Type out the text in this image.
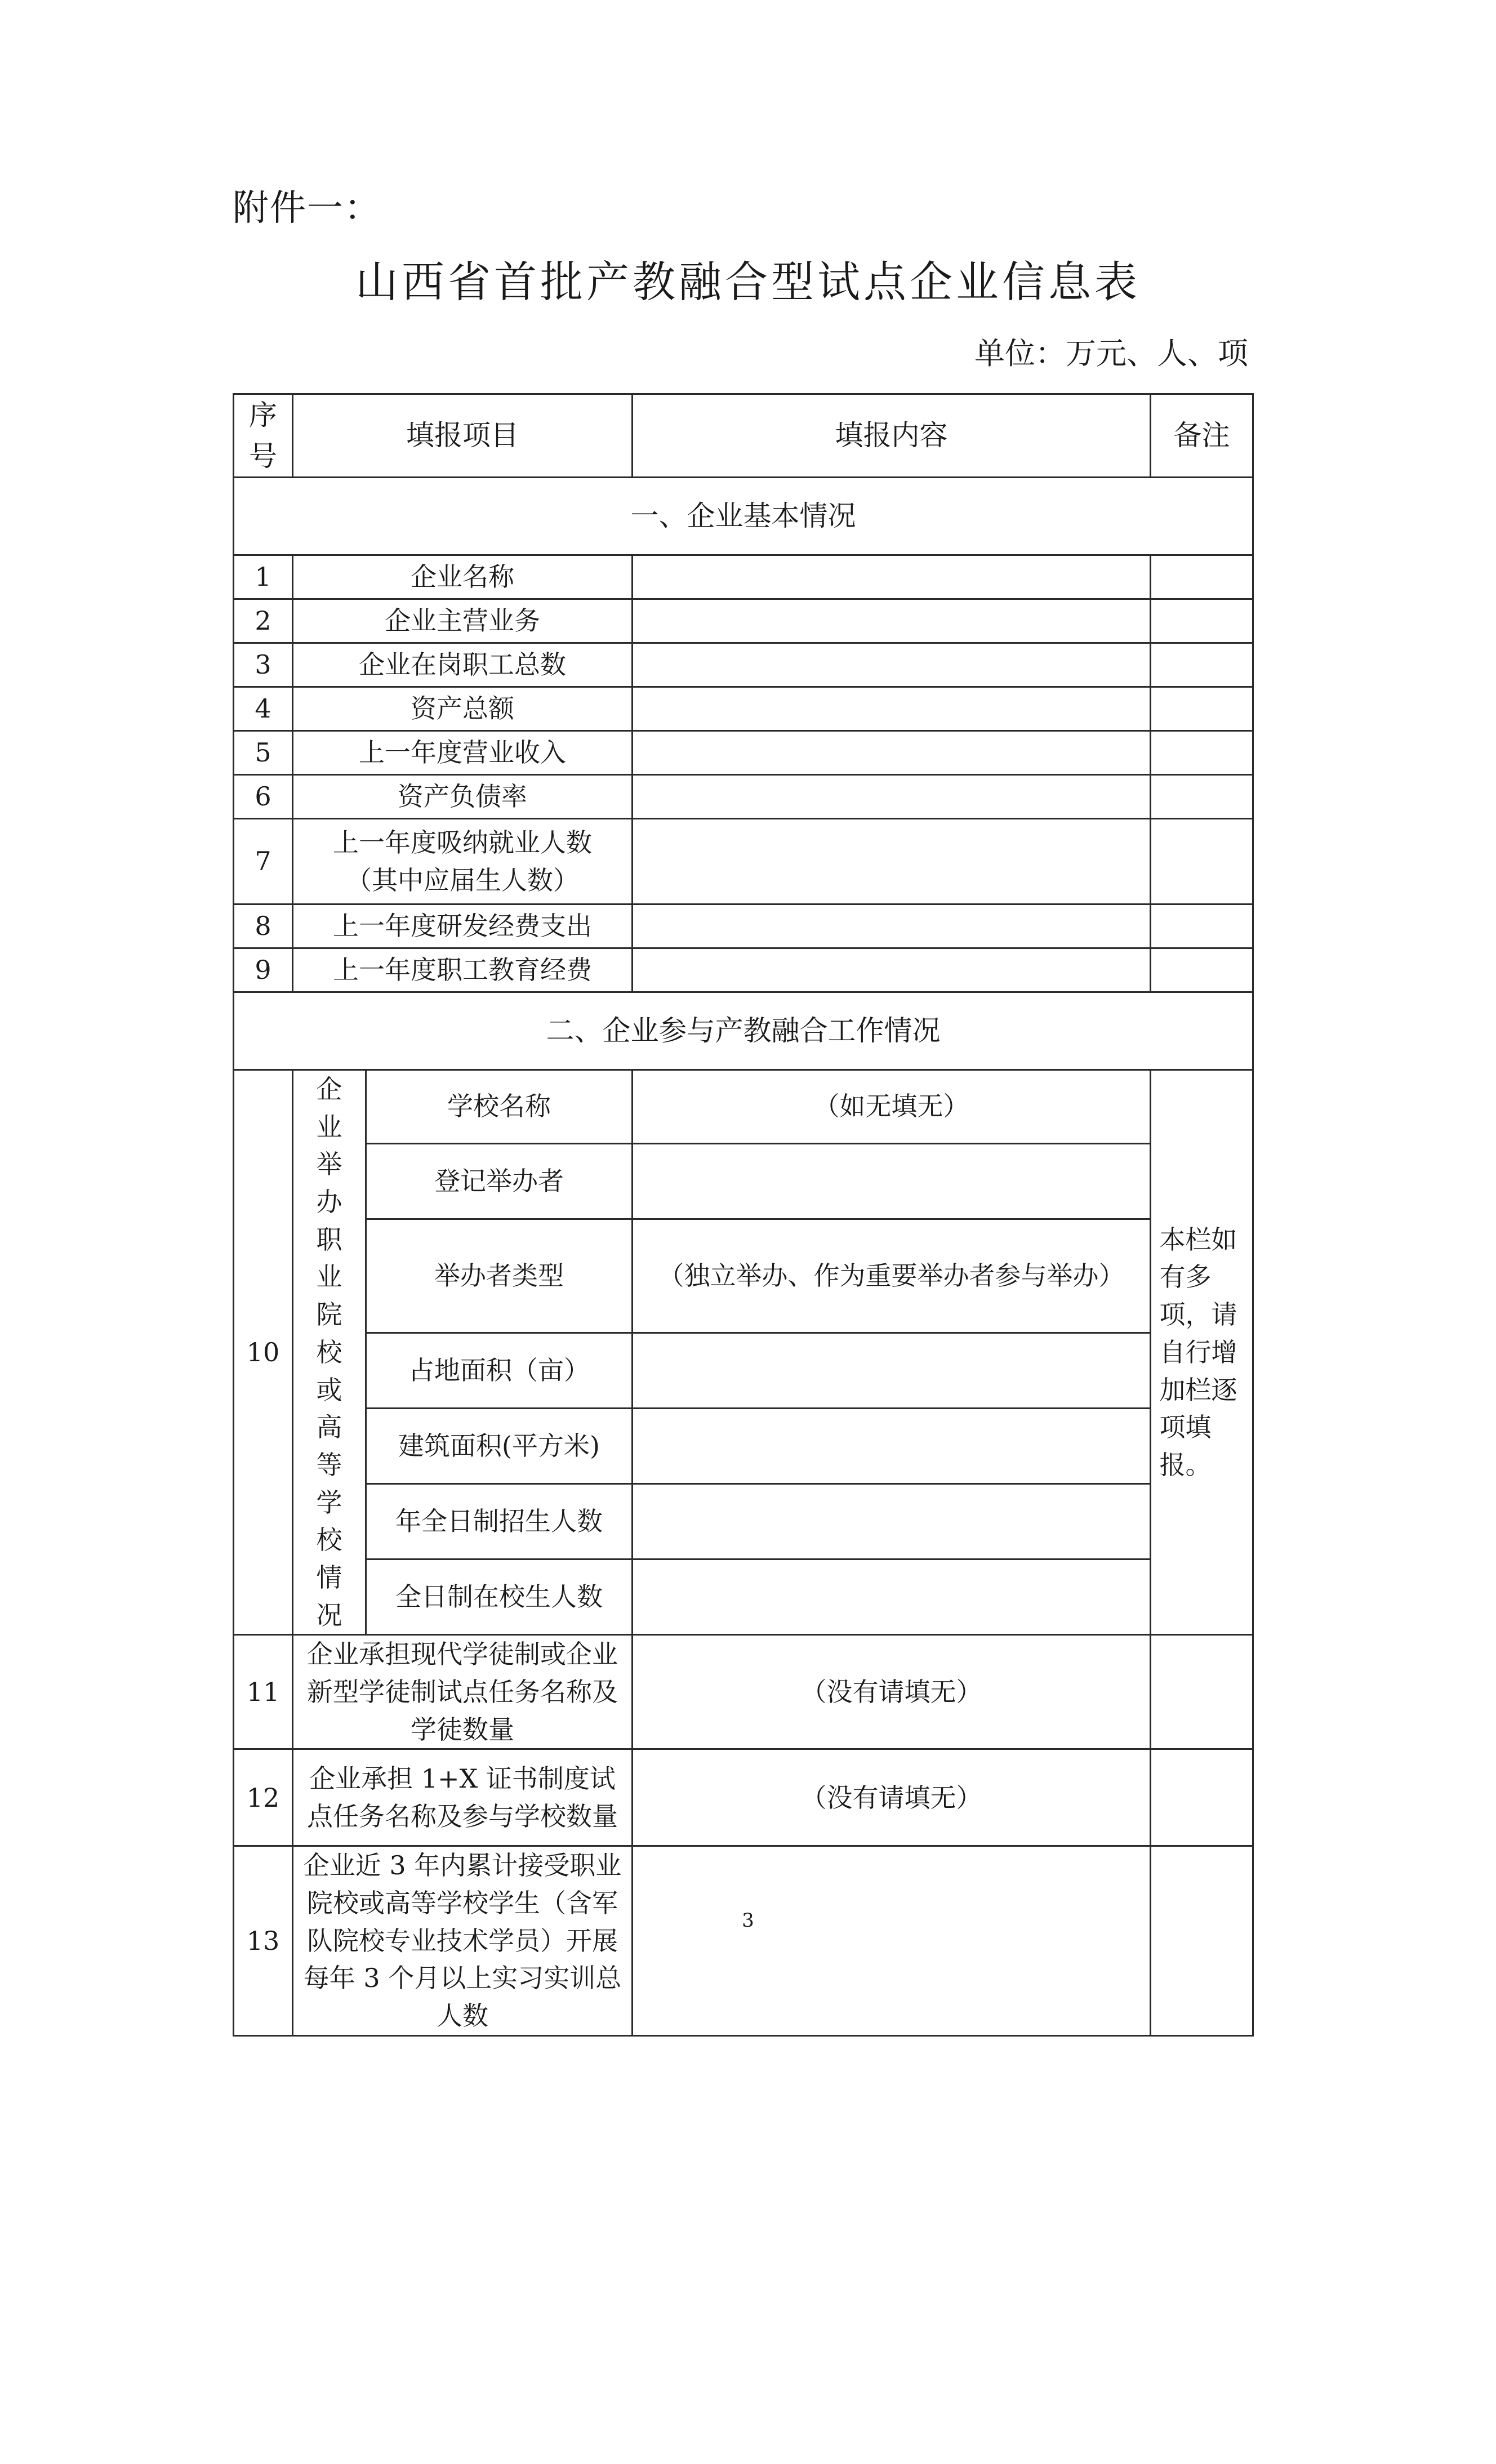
附件一：
山西省首批产教融合型试点企业信息表
单位：万元、人、项
序号	填报项目		填报内容	备注
一、企业基本情况				
1	企业名称			
2	企业主营业务			
3	企业在岗职工总数			
4	资产总额			
5	上一年度营业收入			
6	资产负债率			
7	上一年度吸纳就业人数
（其中应届生人数）			

8	上一年度研发经费支出			
9	上一年度职工教育经费			
二、企业参与产教融合工作情况				
10	企业举办职业院校或高等学校情况	学校名称	（如无填无）	本栏如有多项，请自行增加栏逐项填报。

		登记举办者		
		举办者类型	（独立举办、作为重要举办者参与举办）	
		占地面积（亩）		
		建筑面积(平方米)		
		年全日制招生人数		
		全日制在校生人数		
11	企业承担现代学徒制或企业新型学徒制试点任务名称及学徒数量		（没有请填无）	
12	企业承担 1+X 证书制度试点任务名称及参与学校数量		（没有请填无）	
13	企业近 3 年内累计接受职业院校或高等学校学生（含军队院校专业技术学员）开展每年 3 个月以上实习实训总人数			
3
